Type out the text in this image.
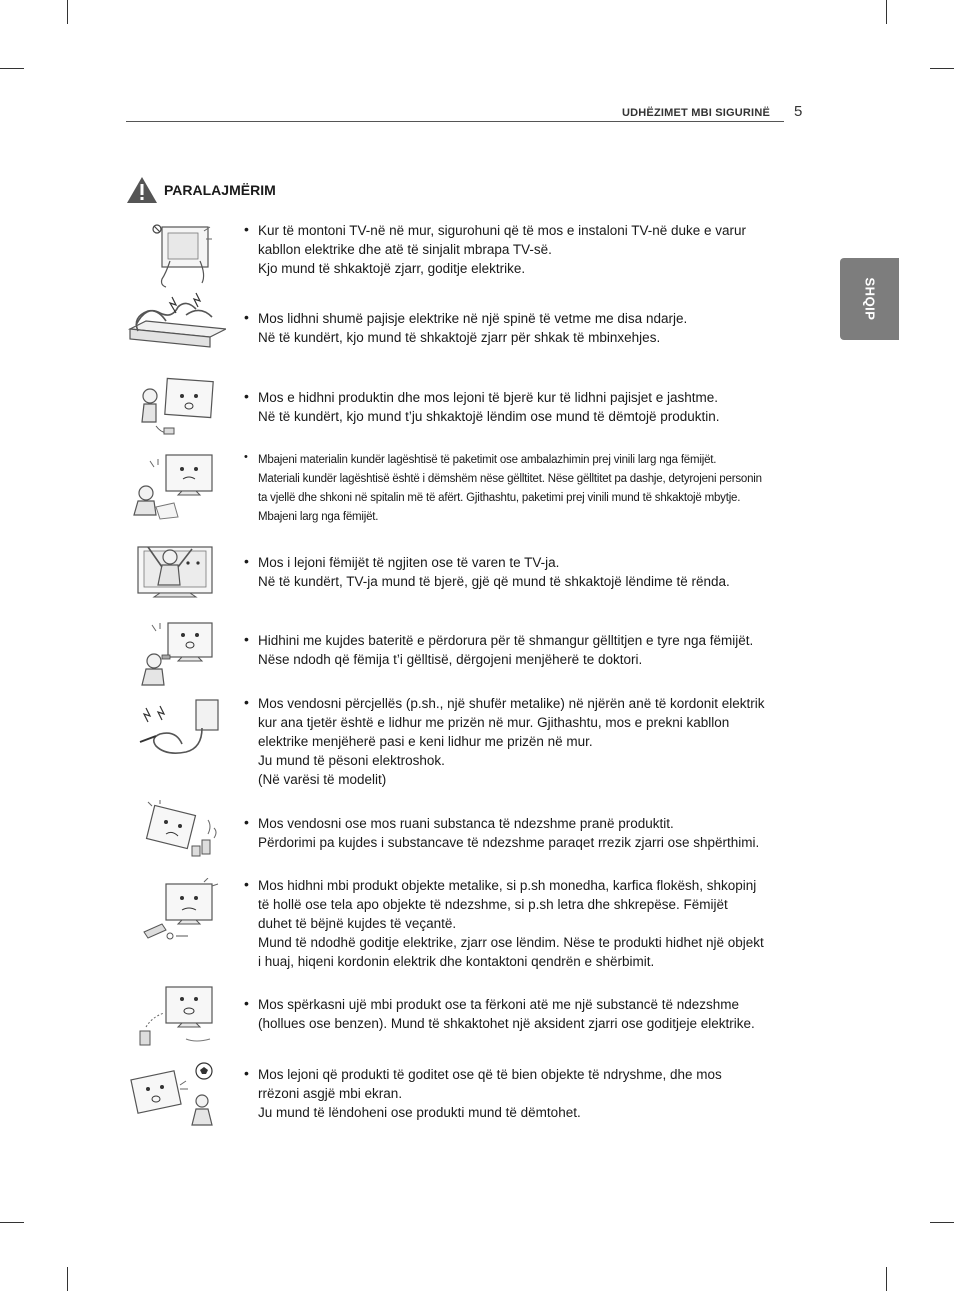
UDHËZIMET MBI SIGURINË 5
SHQIP
PARALAJMËRIM
• Kur të montoni TV-në në mur, sigurohuni që të mos e instaloni TV-në duke e varur
kabllon elektrike dhe atë të sinjalit mbrapa TV-së.
Kjo mund të shkaktojë zjarr, goditje elektrike.
• Mos lidhni shumë pajisje elektrike në një spinë të vetme me disa ndarje.
Në të kundërt, kjo mund të shkaktojë zjarr për shkak të mbinxehjes.
• Mos e hidhni produktin dhe mos lejoni të bjerë kur të lidhni pajisjet e jashtme.
Në të kundërt, kjo mund t’ju shkaktojë lëndim ose mund të dëmtojë produktin.
• Mbajeni materialin kundër lagështisë të paketimit ose ambalazhimin prej vinili larg nga fëmijët.
Materiali kundër lagështisë është i dëmshëm nëse gëlltitet. Nëse gëlltitet pa dashje, detyrojeni personin
ta vjellë dhe shkoni në spitalin më të afërt. Gjithashtu, paketimi prej vinili mund të shkaktojë mbytje.
Mbajeni larg nga fëmijët.
• Mos i lejoni fëmijët të ngjiten ose të varen te TV-ja.
Në të kundërt, TV-ja mund të bjerë, gjë që mund të shkaktojë lëndime të rënda.
• Hidhini me kujdes bateritë e përdorura për të shmangur gëlltitjen e tyre nga fëmijët.
Nëse ndodh që fëmija t’i gëlltisë, dërgojeni menjëherë te doktori.
• Mos vendosni përcjellës (p.sh., një shufër metalike) në njërën anë të kordonit elektrik
kur ana tjetër është e lidhur me prizën në mur. Gjithashtu, mos e prekni kabllon
elektrike menjëherë pasi e keni lidhur me prizën në mur.
Ju mund të pësoni elektroshok.
(Në varësi të modelit)
• Mos vendosni ose mos ruani substanca të ndezshme pranë produktit.
Përdorimi pa kujdes i substancave të ndezshme paraqet rrezik zjarri ose shpërthimi.
• Mos hidhni mbi produkt objekte metalike, si p.sh monedha, karfica flokësh, shkopinj
të hollë ose tela apo objekte të ndezshme, si p.sh letra dhe shkrepëse. Fëmijët
duhet të bëjnë kujdes të veçantë.
Mund të ndodhë goditje elektrike, zjarr ose lëndim. Nëse te produkti hidhet një objekt
i huaj, hiqeni kordonin elektrik dhe kontaktoni qendrën e shërbimit.
• Mos spërkasni ujë mbi produkt ose ta fërkoni atë me një substancë të ndezshme
(hollues ose benzen). Mund të shkaktohet një aksident zjarri ose goditjeje elektrike.
• Mos lejoni që produkti të goditet ose që të bien objekte të ndryshme, dhe mos
rrëzoni asgjë mbi ekran.
Ju mund të lëndoheni ose produkti mund të dëmtohet.
